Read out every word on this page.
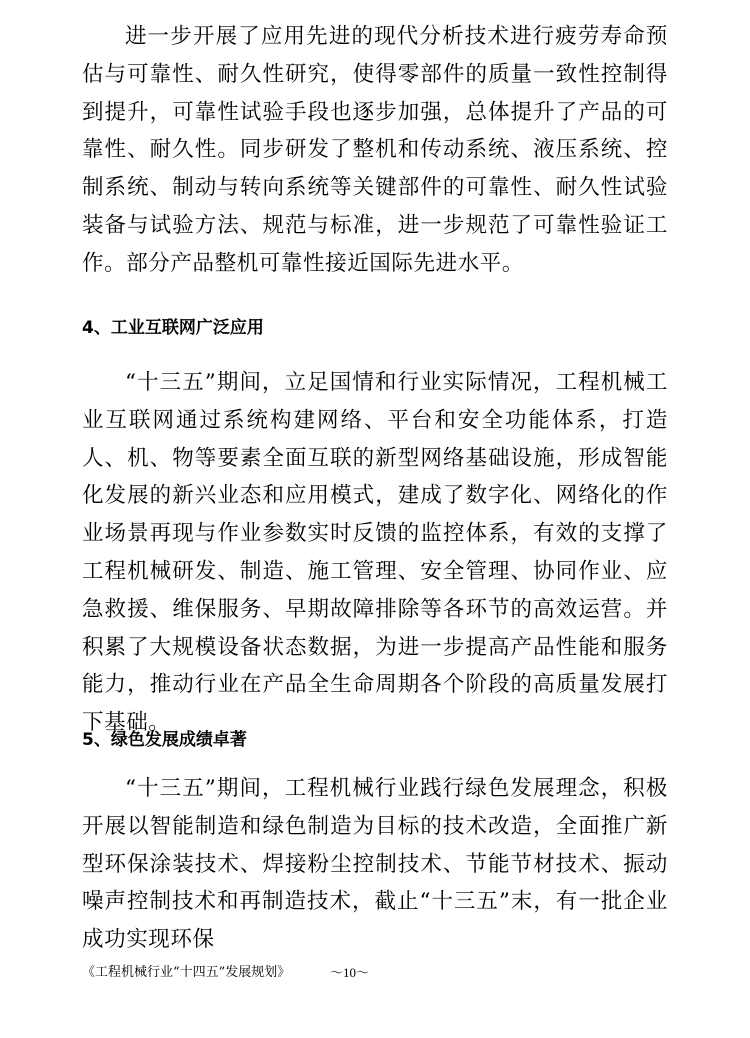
进一步开展了应用先进的现代分析技术进行疲劳寿命预估与可靠性、耐久性研究，使得零部件的质量一致性控制得到提升，可靠性试验手段也逐步加强，总体提升了产品的可靠性、耐久性。同步研发了整机和传动系统、液压系统、控制系统、制动与转向系统等关键部件的可靠性、耐久性试验装备与试验方法、规范与标准，进一步规范了可靠性验证工作。部分产品整机可靠性接近国际先进水平。

4、工业互联网广泛应用

“十三五”期间，立足国情和行业实际情况，工程机械工业互联网通过系统构建网络、平台和安全功能体系，打造人、机、物等要素全面互联的新型网络基础设施，形成智能化发展的新兴业态和应用模式，建成了数字化、网络化的作业场景再现与作业参数实时反馈的监控体系，有效的支撑了工程机械研发、制造、施工管理、安全管理、协同作业、应急救援、维保服务、早期故障排除等各环节的高效运营。并积累了大规模设备状态数据，为进一步提高产品性能和服务能力，推动行业在产品全生命周期各个阶段的高质量发展打下基础。

5、绿色发展成绩卓著

“十三五”期间，工程机械行业践行绿色发展理念，积极开展以智能制造和绿色制造为目标的技术改造，全面推广新型环保涂装技术、焊接粉尘控制技术、节能节材技术、振动噪声控制技术和再制造技术，截止“十三五”末，有一批企业成功实现环保

《工程机械行业“十四五”发展规划》	～10～
